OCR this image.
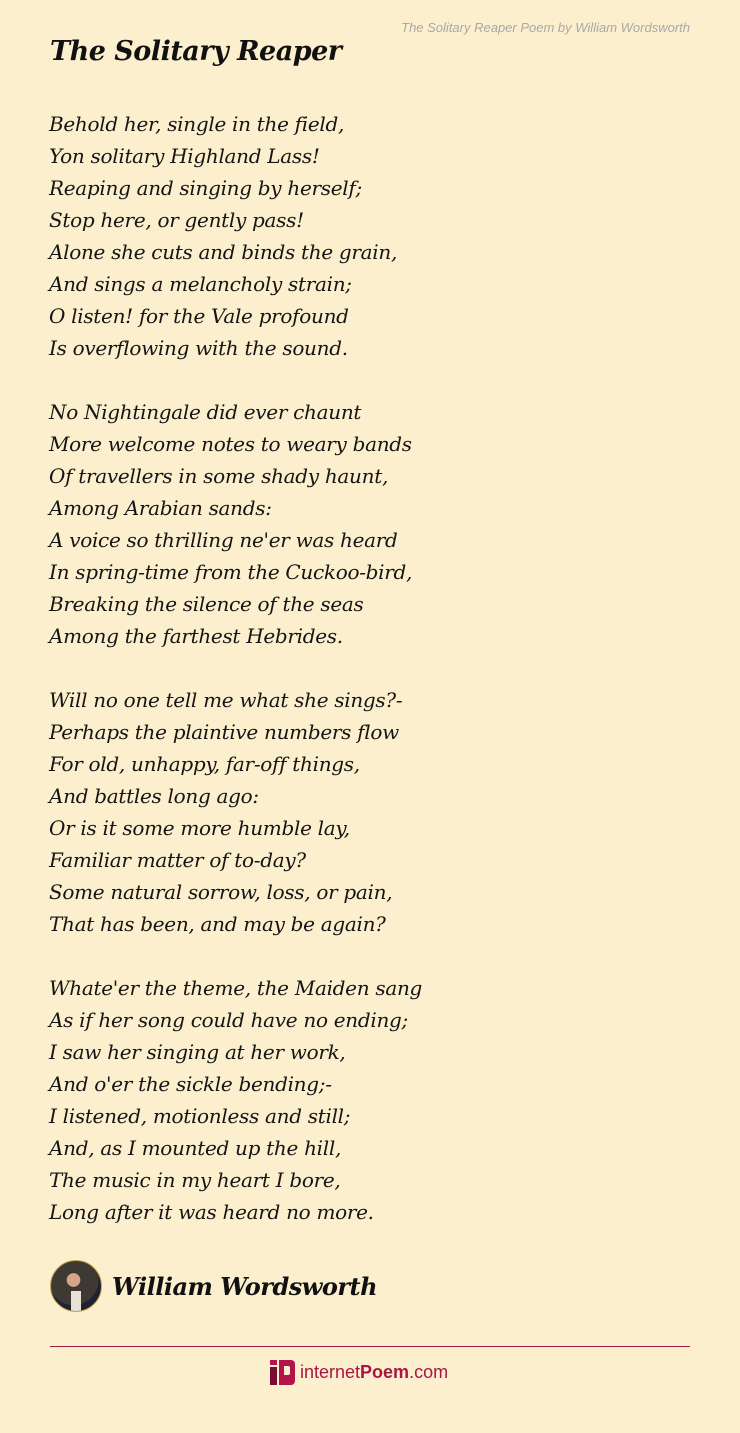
The Solitary Reaper Poem by William Wordsworth
The Solitary Reaper
Behold her, single in the field,
Yon solitary Highland Lass!
Reaping and singing by herself;
Stop here, or gently pass!
Alone she cuts and binds the grain,
And sings a melancholy strain;
O listen! for the Vale profound
Is overflowing with the sound.
No Nightingale did ever chaunt
More welcome notes to weary bands
Of travellers in some shady haunt,
Among Arabian sands:
A voice so thrilling ne'er was heard
In spring-time from the Cuckoo-bird,
Breaking the silence of the seas
Among the farthest Hebrides.
Will no one tell me what she sings?-
Perhaps the plaintive numbers flow
For old, unhappy, far-off things,
And battles long ago:
Or is it some more humble lay,
Familiar matter of to-day?
Some natural sorrow, loss, or pain,
That has been, and may be again?
Whate'er the theme, the Maiden sang
As if her song could have no ending;
I saw her singing at her work,
And o'er the sickle bending;-
I listened, motionless and still;
And, as I mounted up the hill,
The music in my heart I bore,
Long after it was heard no more.
William Wordsworth
internetPoem.com
